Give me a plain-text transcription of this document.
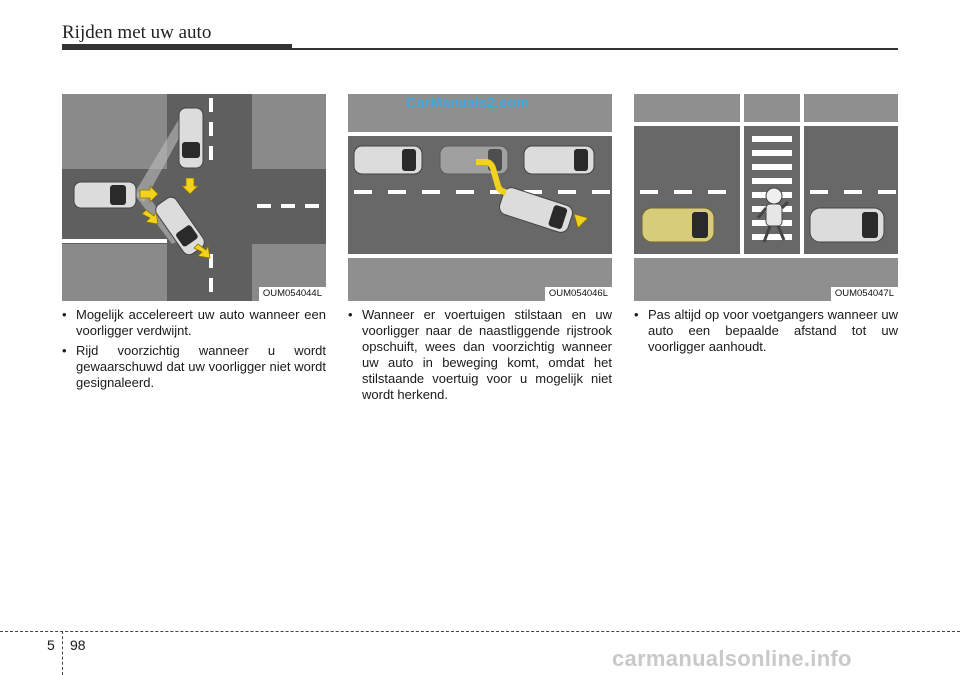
Rijden met uw auto
OUM054044L
CarManuals2.com
OUM054046L	OUM054047L
• Mogelijk accelereert uw auto wanneer een voorligger verdwijnt.
• Rijd voorzichtig wanneer u wordt gewaarschuwd dat uw voorligger niet wordt gesignaleerd.
• Wanneer er voertuigen stilstaan en uw voorligger naar de naastliggende rijstrook opschuift, wees dan voorzichtig wanneer uw auto in beweging komt, omdat het stilstaande voertuig voor u mogelijk niet wordt herkend.
• Pas altijd op voor voetgangers wanneer uw auto een bepaalde afstand tot uw voorligger aanhoudt.
5 98
carmanualsonline.info
